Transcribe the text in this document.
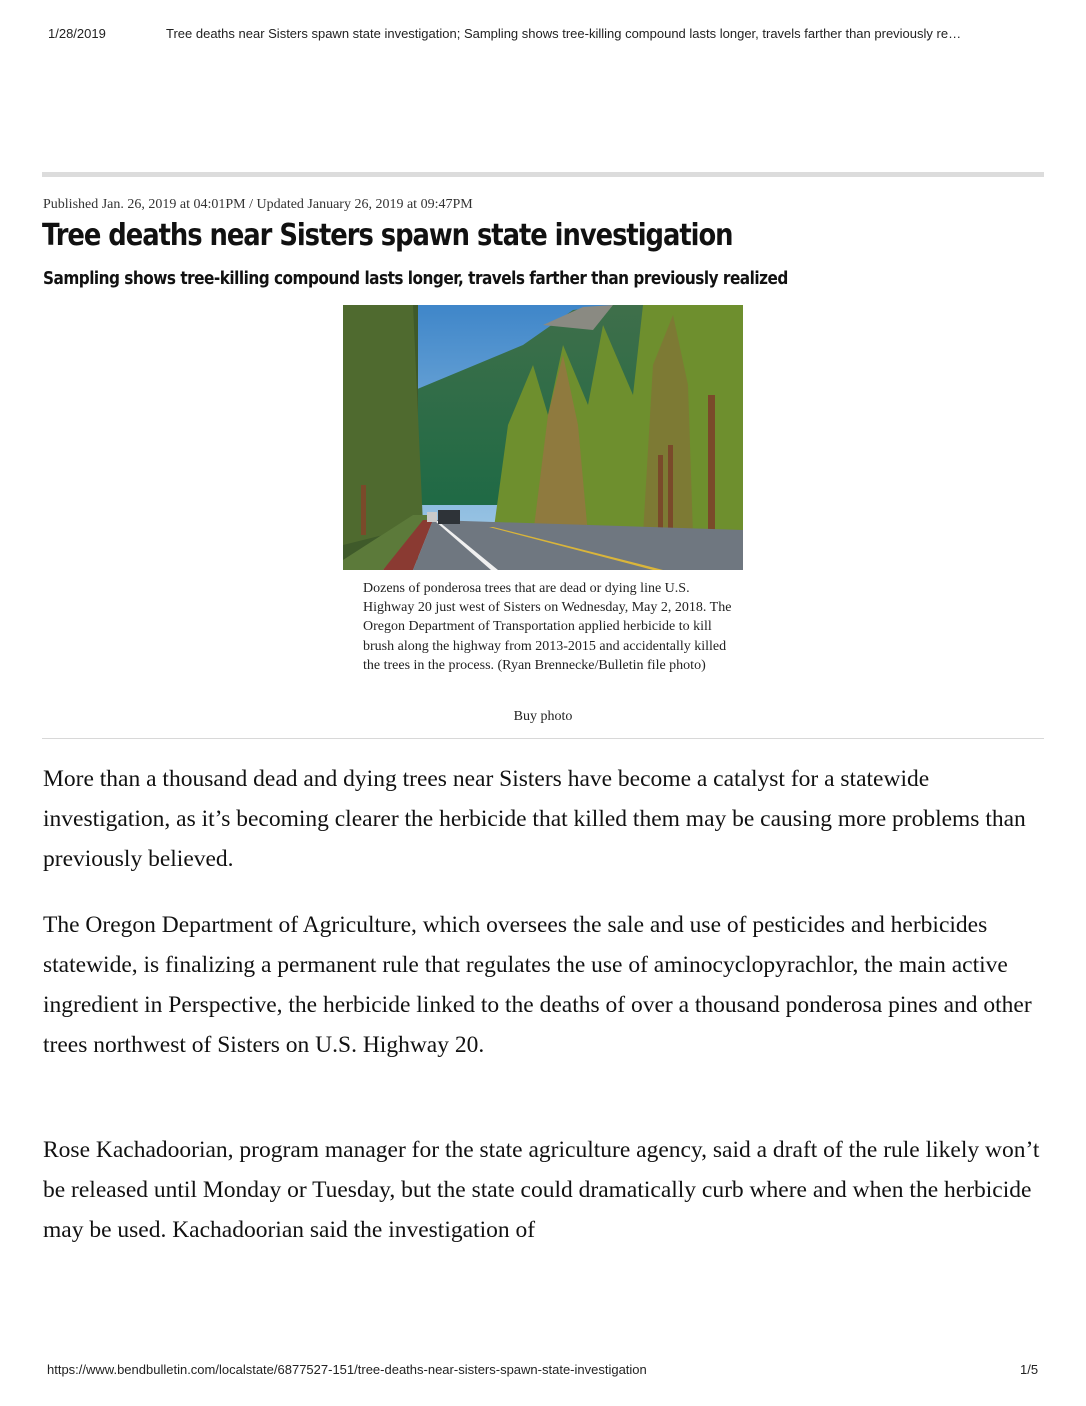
1/28/2019	Tree deaths near Sisters spawn state investigation; Sampling shows tree-killing compound lasts longer, travels farther than previously re…
Published Jan. 26, 2019 at 04:01PM / Updated January 26, 2019 at 09:47PM
Tree deaths near Sisters spawn state investigation
Sampling shows tree-killing compound lasts longer, travels farther than previously realized
Dozens of ponderosa trees that are dead or dying line U.S. Highway 20 just west of Sisters on Wednesday, May 2, 2018. The Oregon Department of Transportation applied herbicide to kill brush along the highway from 2013-2015 and accidentally killed the trees in the process. (Ryan Brennecke/Bulletin file photo)
Buy photo

More than a thousand dead and dying trees near Sisters have become a catalyst for a statewide investigation, as it’s becoming clearer the herbicide that killed them may be causing more problems than previously believed.

The Oregon Department of Agriculture, which oversees the sale and use of pesticides and herbicides statewide, is finalizing a permanent rule that regulates the use of aminocyclopyrachlor, the main active ingredient in Perspective, the herbicide linked to the deaths of over a thousand ponderosa pines and other trees northwest of Sisters on U.S. Highway 20.

Rose Kachadoorian, program manager for the state agriculture agency, said a draft of the rule likely won’t be released until Monday or Tuesday, but the state could dramatically curb where and when the herbicide may be used. Kachadoorian said the investigation of

https://www.bendbulletin.com/localstate/6877527-151/tree-deaths-near-sisters-spawn-state-investigation	1/5
